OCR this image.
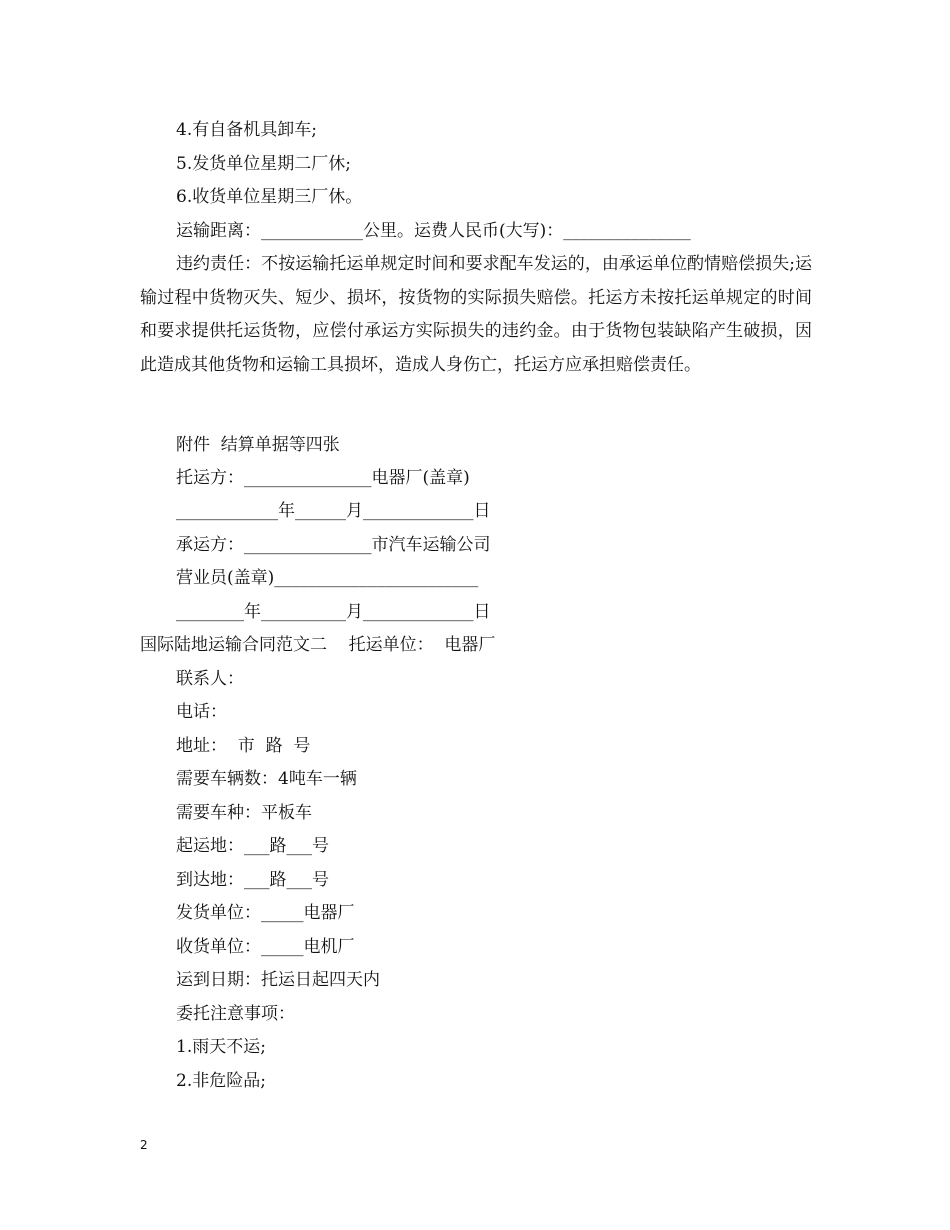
4.有自备机具卸车;
5.发货单位星期二厂休;
6.收货单位星期三厂休。
运输距离：____________公里。运费人民币(大写)：_______________
违约责任：不按运输托运单规定时间和要求配车发运的，由承运单位酌情赔偿损失;运输过程中货物灭失、短少、损坏，按货物的实际损失赔偿。托运方未按托运单规定的时间和要求提供托运货物，应偿付承运方实际损失的违约金。由于货物包装缺陷产生破损，因此造成其他货物和运输工具损坏，造成人身伤亡，托运方应承担赔偿责任。
附件  结算单据等四张
托运方：_______________电器厂(盖章)
____________年______月_____________日
承运方：_______________市汽车运输公司
营业员(盖章)________________________
________年__________月_____________日
国际陆地运输合同范文二    托运单位：  电器厂
联系人：
电话：
地址：  市  路  号
需要车辆数：4吨车一辆
需要车种：平板车
起运地：___路___号
到达地：___路___号
发货单位：_____电器厂
收货单位：_____电机厂
运到日期：托运日起四天内
委托注意事项：
1.雨天不运;
2.非危险品;
2
